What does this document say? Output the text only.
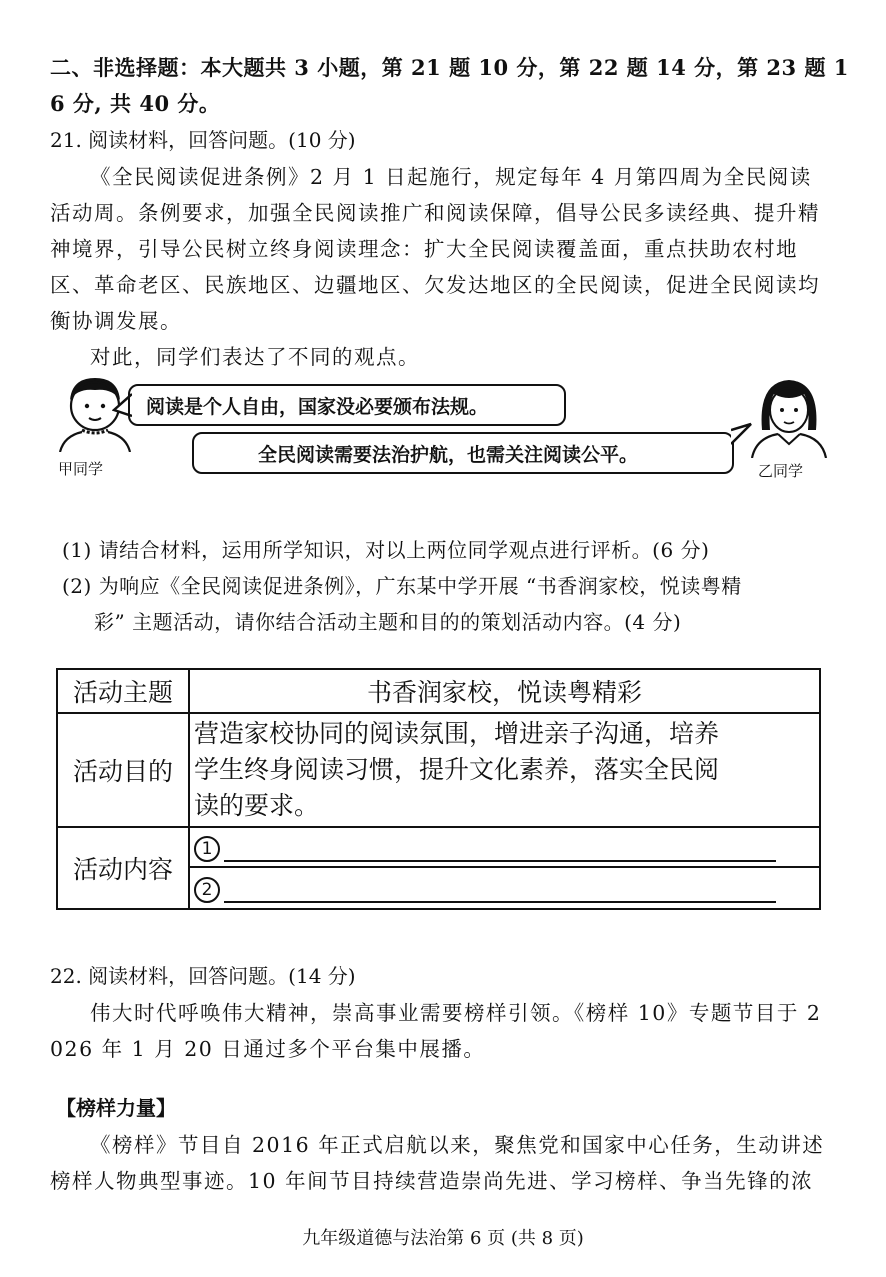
二、非选择题：本大题共 3 小题，第 21 题 10 分，第 22 题 14 分，第 23 题 1
6 分, 共 40 分。
21. 阅读材料，回答问题。(10 分)
《全民阅读促进条例》2 月 1 日起施行，规定每年 4 月第四周为全民阅读
活动周。条例要求，加强全民阅读推广和阅读保障，倡导公民多读经典、提升精
神境界，引导公民树立终身阅读理念：扩大全民阅读覆盖面，重点扶助农村地
区、革命老区、民族地区、边疆地区、欠发达地区的全民阅读，促进全民阅读均
衡协调发展。
对此，同学们表达了不同的观点。
甲同学
阅读是个人自由，国家没必要颁布法规。
全民阅读需要法治护航，也需关注阅读公平。
乙同学
(1) 请结合材料，运用所学知识，对以上两位同学观点进行评析。(6 分)
(2) 为响应《全民阅读促进条例》，广东某中学开展 “书香润家校，悦读粤精
彩” 主题活动，请你结合活动主题和目的的策划活动内容。(4 分)
活动主题	书香润家校，悦读粤精彩
活动目的	营造家校协同的阅读氛围，增进亲子沟通，培养
学生终身阅读习惯，提升文化素养，落实全民阅
读的要求。

活动内容	1
	2
22. 阅读材料，回答问题。(14 分)
伟大时代呼唤伟大精神，崇高事业需要榜样引领。《榜样 10》专题节目于 2
026 年 1 月 20 日通过多个平台集中展播。
【榜样力量】
《榜样》节目自 2016 年正式启航以来，聚焦党和国家中心任务，生动讲述
榜样人物典型事迹。10 年间节目持续营造崇尚先进、学习榜样、争当先锋的浓
九年级道德与法治第 6 页 (共 8 页)
